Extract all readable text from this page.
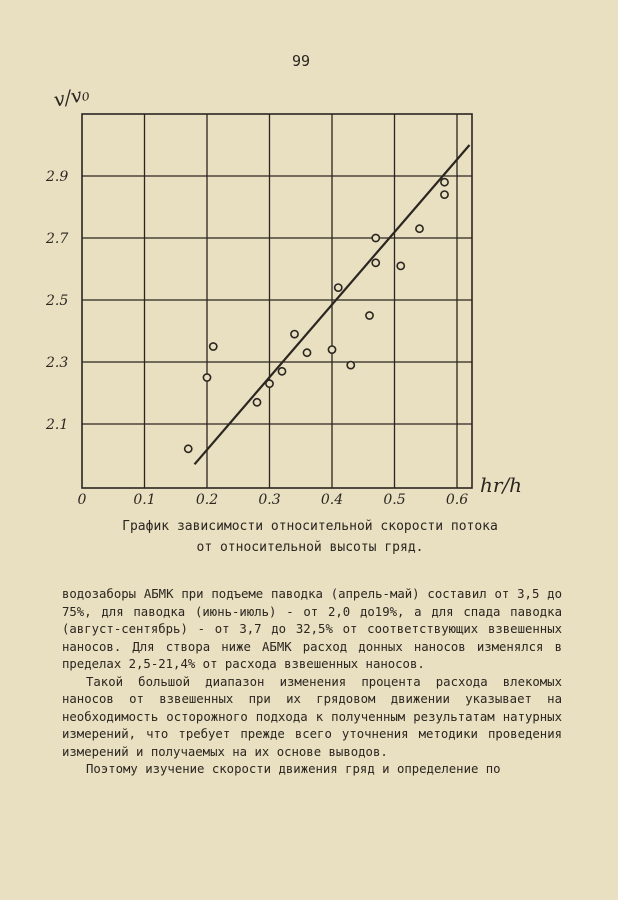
99
2.9
2.7
2.5
2.3
2.1
0	0.1	0.2	0.3	0.4	0.5	0.6
v/v₀
hr/h
График зависимости относительной скорости потока
от относительной высоты гряд.

водозаборы АБМК при подъеме паводка (апрель-май) составил от 3,5 до 75%, для паводка (июнь-июль) - от 2,0 до19%, а для спада паводка (август-сентябрь) - от 3,7 до 32,5% от соответствующих взвешенных наносов. Для створа ниже АБМК расход донных наносов изменялся в пределах 2,5-21,4% от расхода взвешенных наносов.

Такой большой диапазон изменения процента расхода влекомых наносов от взвешенных при их грядовом движении указывает на необходимость осторожного подхода к полученным результатам натурных измерений, что требует прежде всего уточнения методики проведения измерений и получаемых на их основе выводов.

Поэтому изучение скорости движения гряд и определение по
